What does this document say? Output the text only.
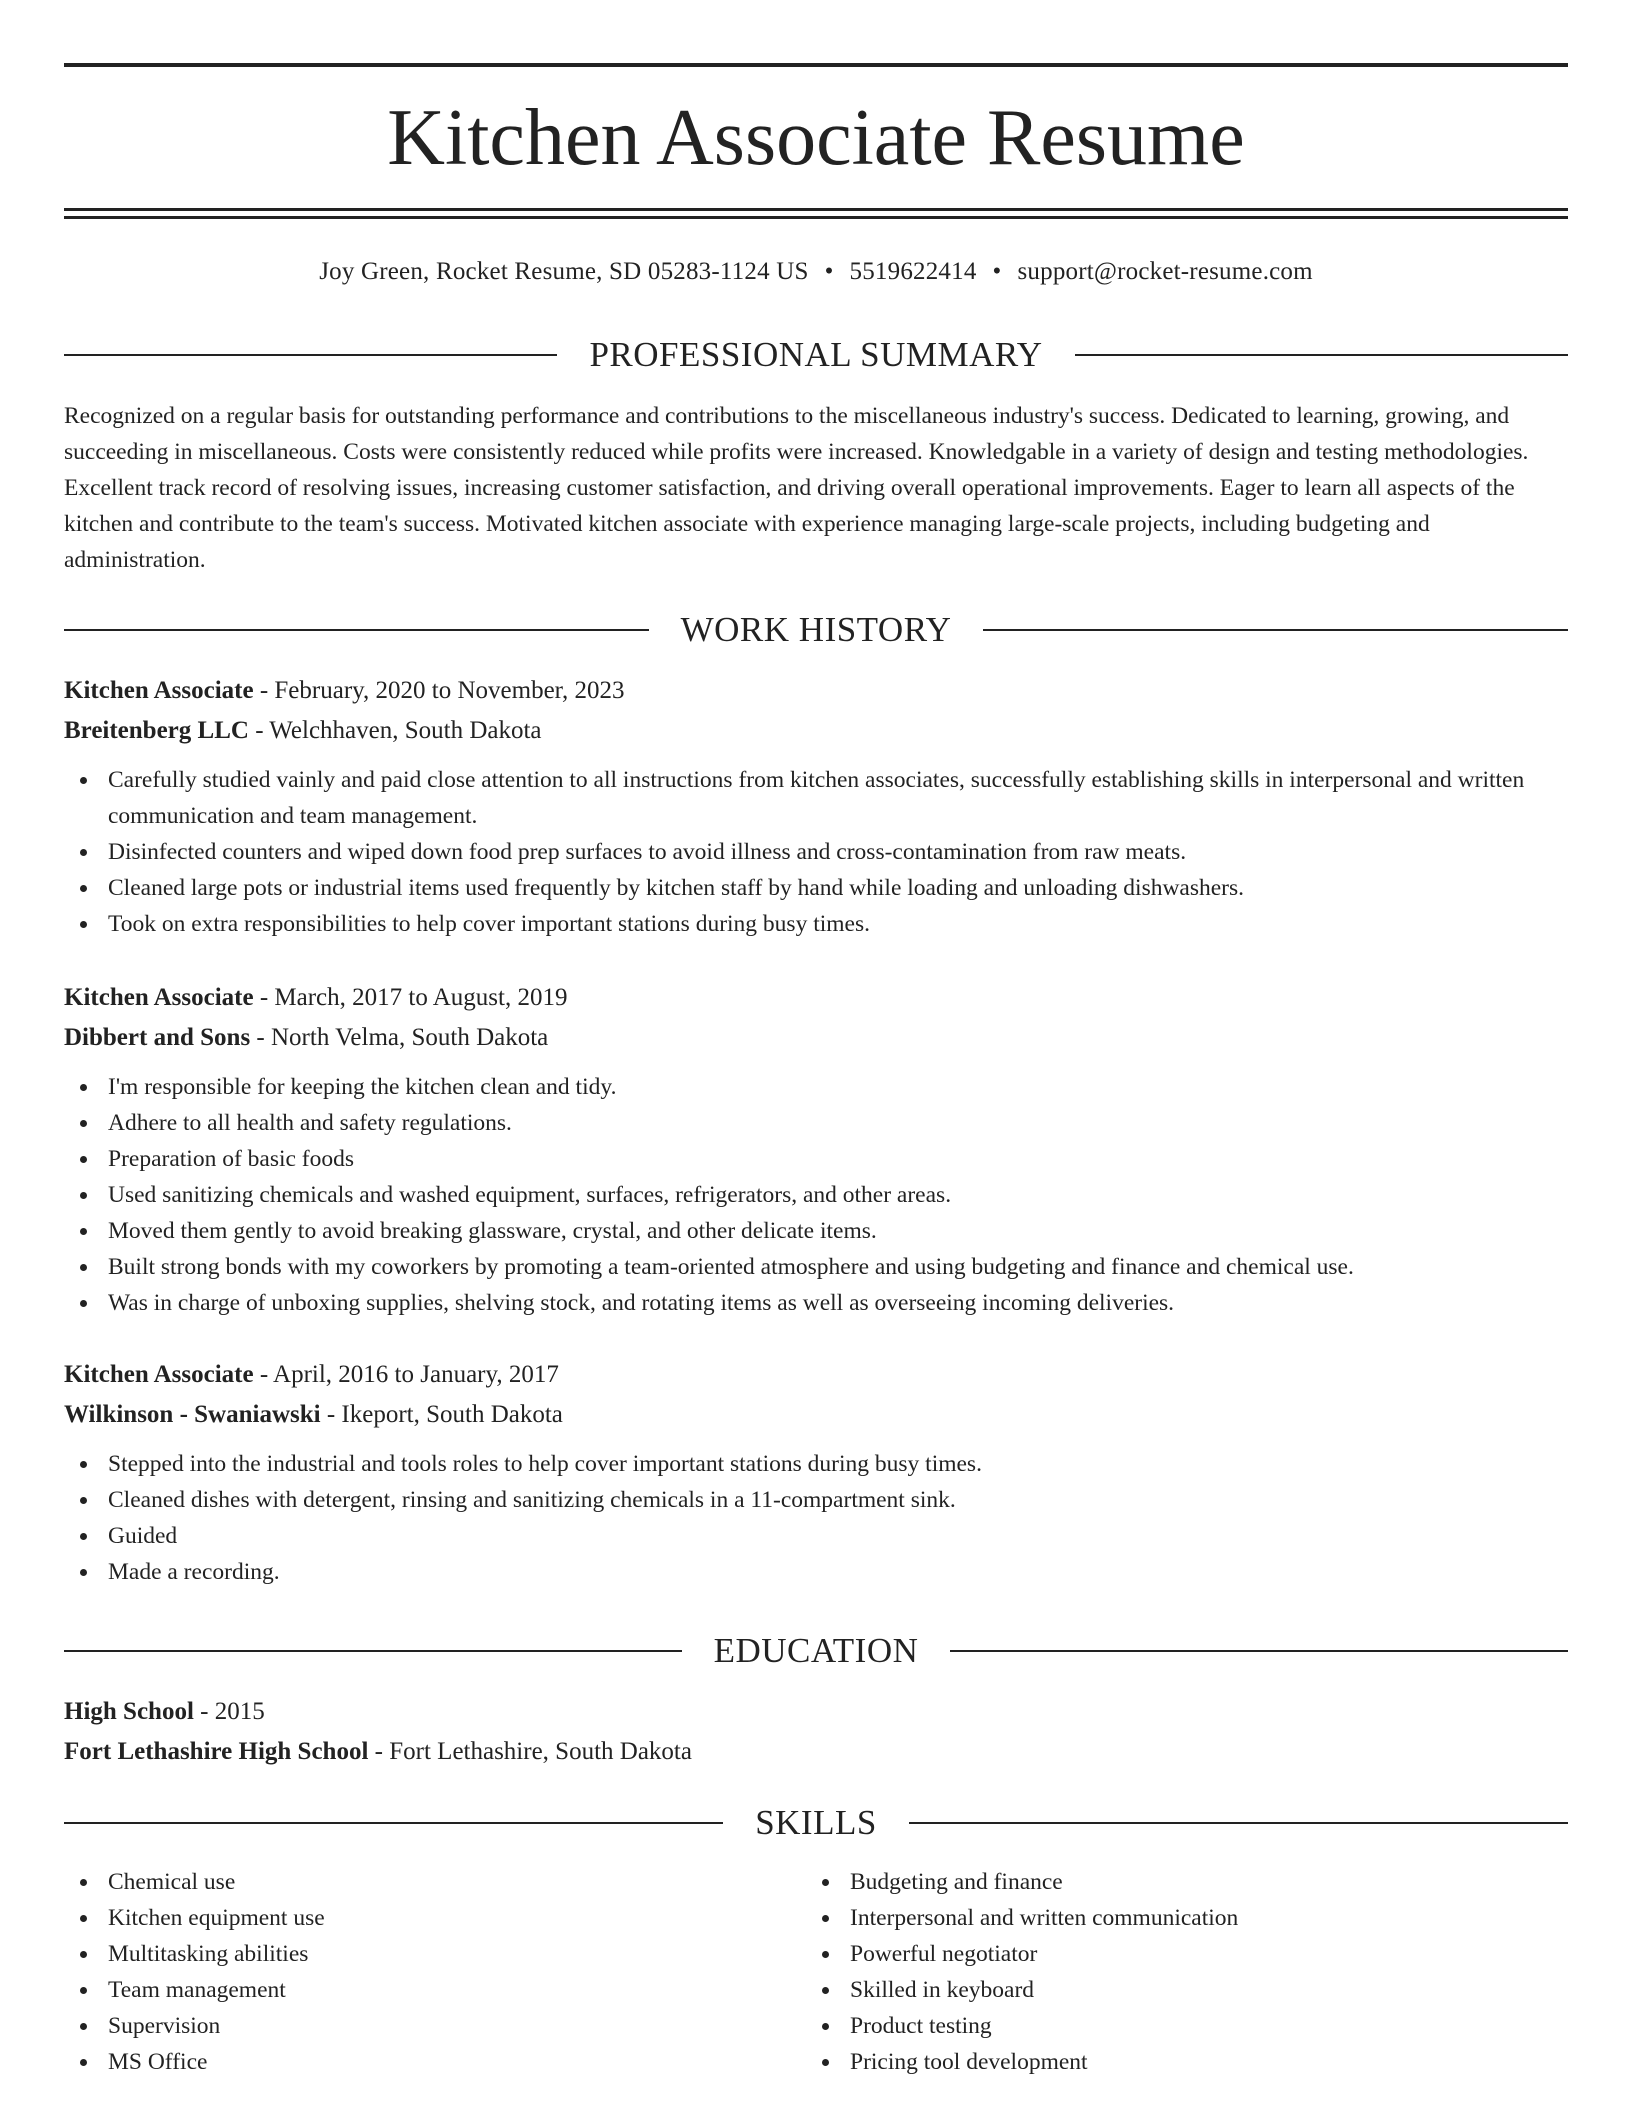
Kitchen Associate Resume
Joy Green, Rocket Resume, SD 05283-1124 US • 5519622414 • support@rocket-resume.com
PROFESSIONAL SUMMARY
Recognized on a regular basis for outstanding performance and contributions to the miscellaneous industry's success. Dedicated to learning, growing, and succeeding in miscellaneous. Costs were consistently reduced while profits were increased. Knowledgable in a variety of design and testing methodologies. Excellent track record of resolving issues, increasing customer satisfaction, and driving overall operational improvements. Eager to learn all aspects of the kitchen and contribute to the team's success. Motivated kitchen associate with experience managing large-scale projects, including budgeting and administration.
WORK HISTORY
Kitchen Associate - February, 2020 to November, 2023
Breitenberg LLC - Welchhaven, South Dakota
Carefully studied vainly and paid close attention to all instructions from kitchen associates, successfully establishing skills in interpersonal and written communication and team management.
Disinfected counters and wiped down food prep surfaces to avoid illness and cross-contamination from raw meats.
Cleaned large pots or industrial items used frequently by kitchen staff by hand while loading and unloading dishwashers.
Took on extra responsibilities to help cover important stations during busy times.
Kitchen Associate - March, 2017 to August, 2019
Dibbert and Sons - North Velma, South Dakota
I'm responsible for keeping the kitchen clean and tidy.
Adhere to all health and safety regulations.
Preparation of basic foods
Used sanitizing chemicals and washed equipment, surfaces, refrigerators, and other areas.
Moved them gently to avoid breaking glassware, crystal, and other delicate items.
Built strong bonds with my coworkers by promoting a team-oriented atmosphere and using budgeting and finance and chemical use.
Was in charge of unboxing supplies, shelving stock, and rotating items as well as overseeing incoming deliveries.
Kitchen Associate - April, 2016 to January, 2017
Wilkinson - Swaniawski - Ikeport, South Dakota
Stepped into the industrial and tools roles to help cover important stations during busy times.
Cleaned dishes with detergent, rinsing and sanitizing chemicals in a 11-compartment sink.
Guided
Made a recording.
EDUCATION
High School - 2015
Fort Lethashire High School - Fort Lethashire, South Dakota
SKILLS
Chemical use
Kitchen equipment use
Multitasking abilities
Team management
Supervision
MS Office
Budgeting and finance
Interpersonal and written communication
Powerful negotiator
Skilled in keyboard
Product testing
Pricing tool development
